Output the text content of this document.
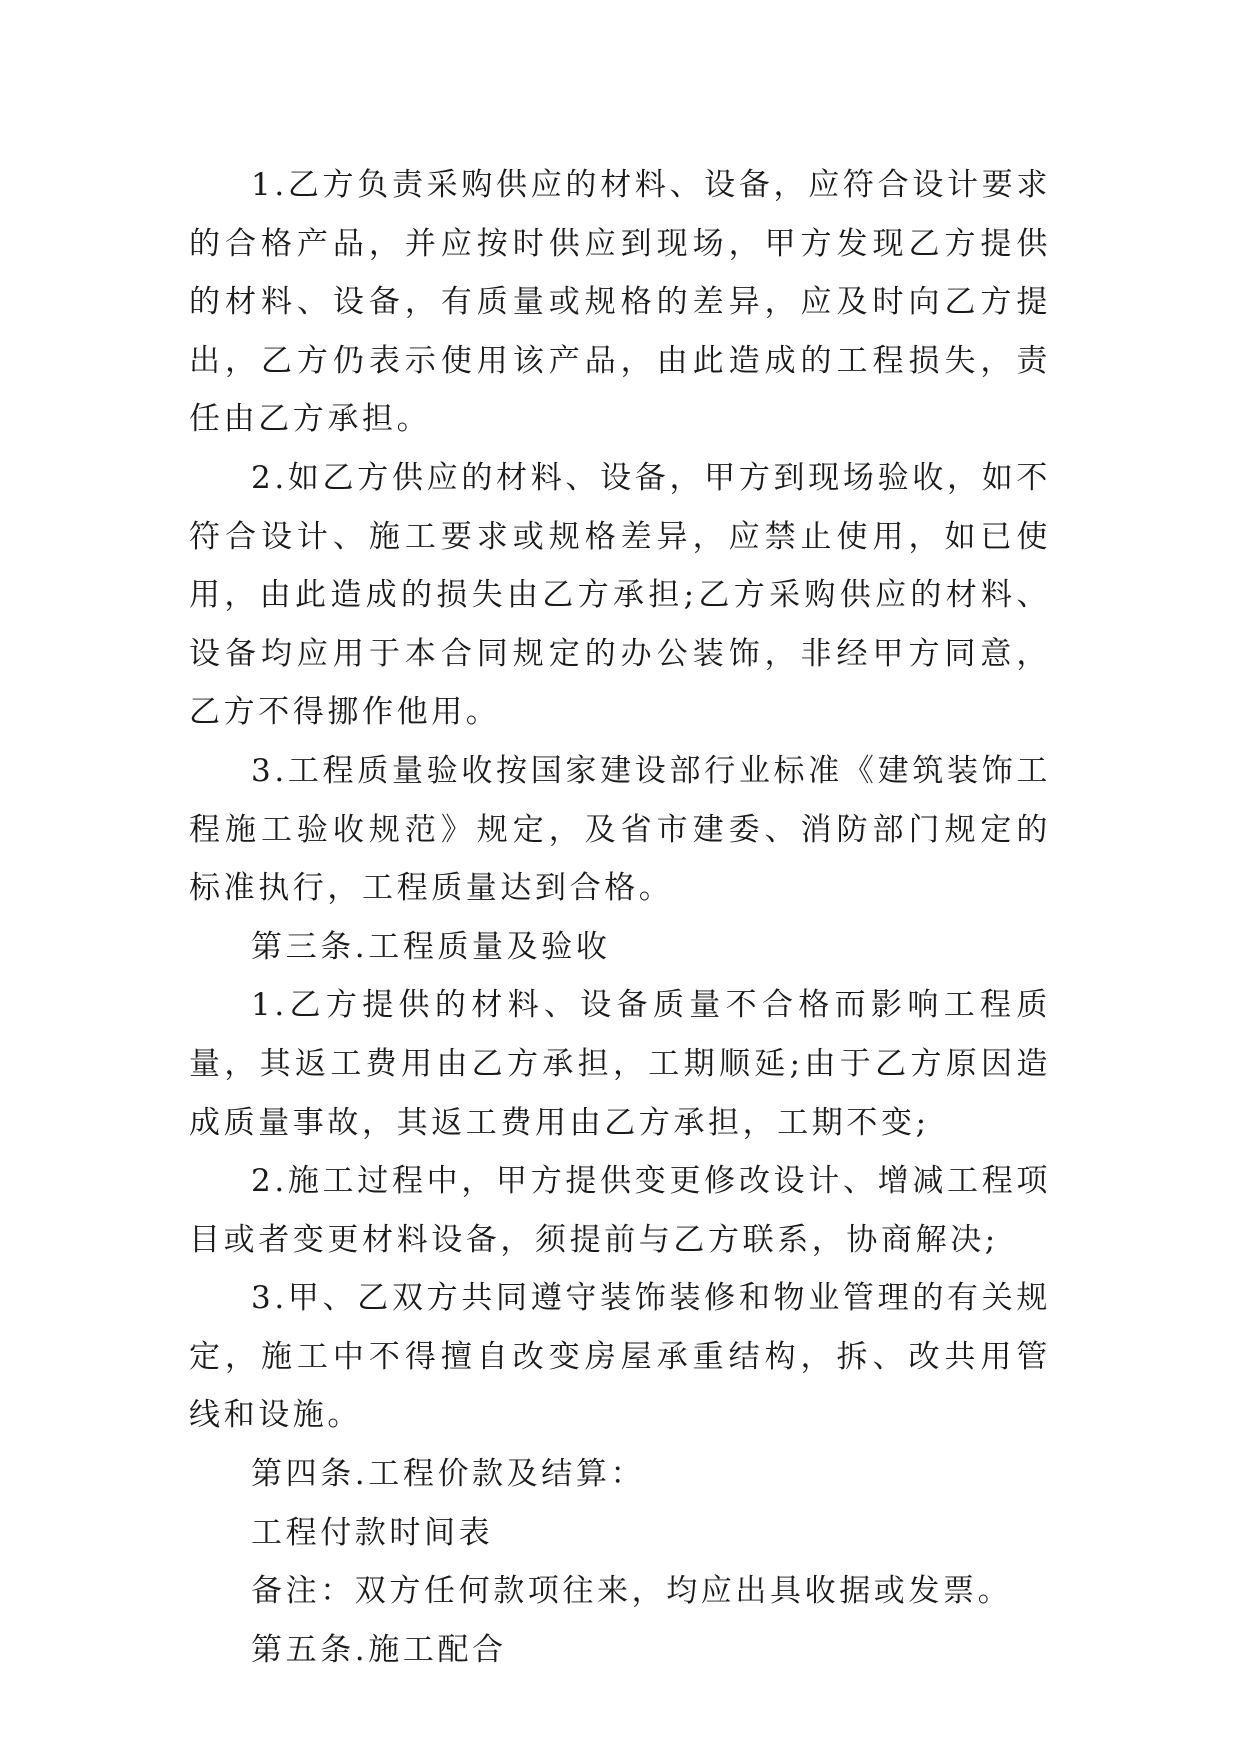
1.乙方负责采购供应的材料、设备，应符合设计要求的合格产品，并应按时供应到现场，甲方发现乙方提供的材料、设备，有质量或规格的差异，应及时向乙方提出，乙方仍表示使用该产品，由此造成的工程损失，责任由乙方承担。

2.如乙方供应的材料、设备，甲方到现场验收，如不符合设计、施工要求或规格差异，应禁止使用，如已使用，由此造成的损失由乙方承担;乙方采购供应的材料、设备均应用于本合同规定的办公装饰，非经甲方同意，乙方不得挪作他用。

3.工程质量验收按国家建设部行业标准《建筑装饰工程施工验收规范》规定，及省市建委、消防部门规定的标准执行，工程质量达到合格。

第三条.工程质量及验收

1.乙方提供的材料、设备质量不合格而影响工程质量，其返工费用由乙方承担，工期顺延;由于乙方原因造成质量事故，其返工费用由乙方承担，工期不变;

2.施工过程中，甲方提供变更修改设计、增减工程项目或者变更材料设备，须提前与乙方联系，协商解决;

3.甲、乙双方共同遵守装饰装修和物业管理的有关规定，施工中不得擅自改变房屋承重结构，拆、改共用管线和设施。

第四条.工程价款及结算：

工程付款时间表

备注：双方任何款项往来，均应出具收据或发票。

第五条.施工配合
